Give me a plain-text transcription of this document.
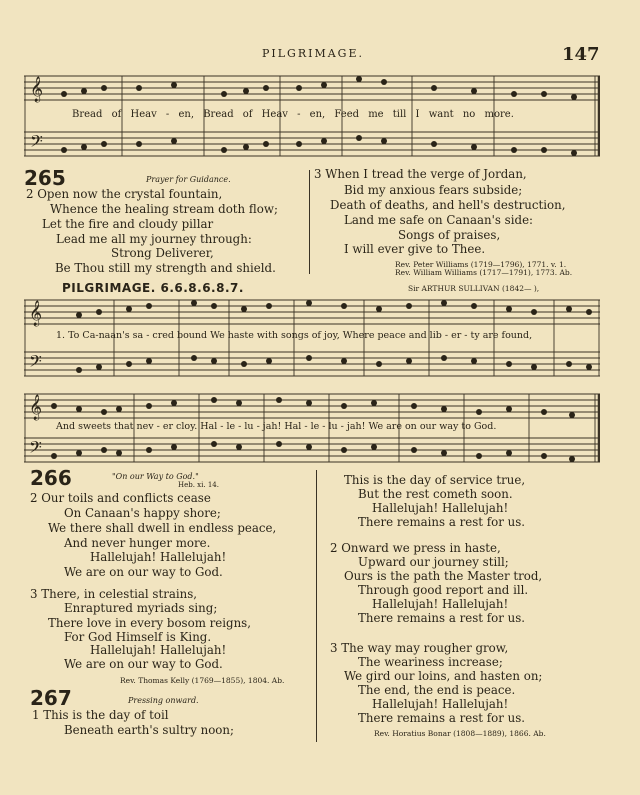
PILGRIMAGE.	147
𝄞
𝄢
Bread of Heav - en, Bread of Heav - en, Feed me till I want no more.
265	Prayer for Guidance.
2 Open now the crystal fountain,
Whence the healing stream doth flow;
Let the fire and cloudy pillar
Lead me all my journey through:
Strong Deliverer,
Be Thou still my strength and shield.
3 When I tread the verge of Jordan,
Bid my anxious fears subside;
Death of deaths, and hell's destruction,
Land me safe on Canaan's side:
Songs of praises,
I will ever give to Thee.
Rev. Peter Williams (1719—1796), 1771. v. 1.
Rev. William Williams (1717—1791), 1773. Ab.
PILGRIMAGE. 6.6.8.6.8.7.	Sir ARTHUR SULLIVAN (1842— ),
𝄞
𝄢
1. To Ca-naan's sa - cred bound We haste with songs of joy, Where peace and lib - er - ty are found,
𝄞
𝄢
And sweets that nev - er cloy. Hal - le - lu - jah! Hal - le - lu - jah! We are on our way to God.
266	"On our Way to God."
Heb. xi. 14.
2 Our toils and conflicts cease
On Canaan's happy shore;
We there shall dwell in endless peace,
And never hunger more.
Hallelujah! Hallelujah!
We are on our way to God.
3 There, in celestial strains,
Enraptured myriads sing;
There love in every bosom reigns,
For God Himself is King.
Hallelujah! Hallelujah!
We are on our way to God.
Rev. Thomas Kelly (1769—1855), 1804. Ab.
267	Pressing onward.
1 This is the day of toil
Beneath earth's sultry noon;
This is the day of service true,
But the rest cometh soon.
Hallelujah! Hallelujah!
There remains a rest for us.
2 Onward we press in haste,
Upward our journey still;
Ours is the path the Master trod,
Through good report and ill.
Hallelujah! Hallelujah!
There remains a rest for us.
3 The way may rougher grow,
The weariness increase;
We gird our loins, and hasten on;
The end, the end is peace.
Hallelujah! Hallelujah!
There remains a rest for us.
Rev. Horatius Bonar (1808—1889), 1866. Ab.
